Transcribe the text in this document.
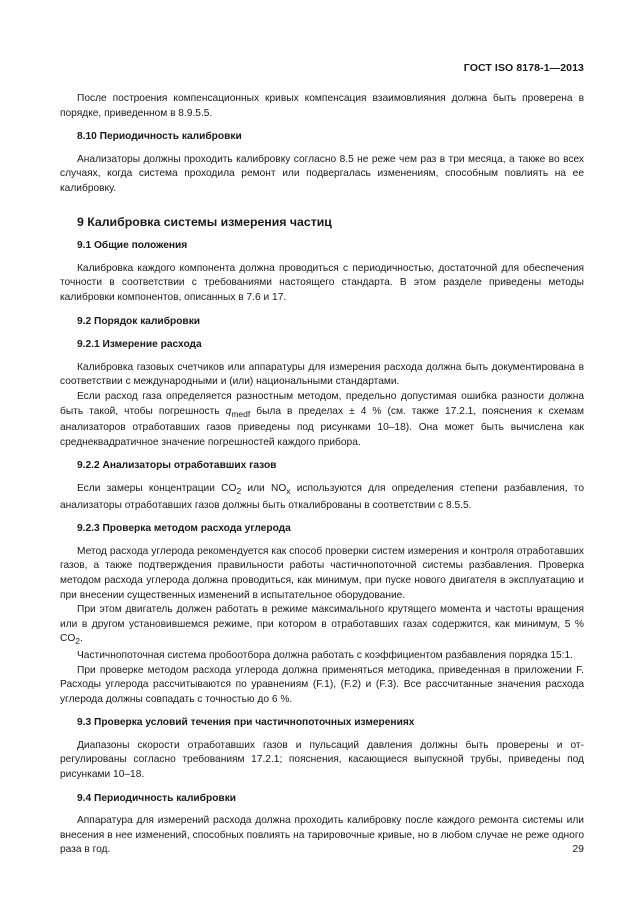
ГОСТ ISO 8178-1—2013

После построения компенсационных кривых компенсация взаимовлияния должна быть проверена в порядке, приведенном в 8.9.5.5.

8.10 Периодичность калибровки

Анализаторы должны проходить калибровку согласно 8.5 не реже чем раз в три месяца, а также во всех случаях, когда система проходила ремонт или подвергалась изменениям, способным повлиять на ее калибровку.

9 Калибровка системы измерения частиц
9.1 Общие положения

Калибровка каждого компонента должна проводиться с периодичностью, достаточной для обеспечения точности в соответствии с требованиями настоящего стандарта. В этом разделе приведены методы калибровки компонентов, описанных в 7.6 и 17.

9.2 Порядок калибровки
9.2.1 Измерение расхода

Калибровка газовых счетчиков или аппаратуры для измерения расхода должна быть документирована в соответствии с международными и (или) национальными стандартами.

Если расход газа определяется разностным методом, предельно допустимая ошибка разности должна быть такой, чтобы погрешность $q_{medf}$ была в пределах ± 4 % (см. также 17.2.1, пояснения к схемам анализаторов отработавших газов приведены под рисунками 10–18). Она может быть вычислена как среднеквадратичное значение погрешностей каждого прибора.

9.2.2 Анализаторы отработавших газов

Если замеры концентрации $CO_2$ или $NO_x$ используются для определения степени разбавления, то анализаторы отработавших газов должны быть откалиброваны в соответствии с 8.5.5.

9.2.3 Проверка методом расхода углерода

Метод расхода углерода рекомендуется как способ проверки систем измерения и контроля отработавших газов, а также подтверждения правильности работы частичнопоточной системы разбавления. Проверка методом расхода углерода должна проводиться, как минимум, при пуске нового двигателя в эксплуатацию и при внесении существенных изменений в испытательное оборудование.

При этом двигатель должен работать в режиме максимального крутящего момента и частоты вращения или в другом установившемся режиме, при котором в отработавших газах содержится, как минимум, 5 % $CO_2$.

Частичнопоточная система пробоотбора должна работать с коэффициентом разбавления порядка 15:1.

При проверке методом расхода углерода должна применяться методика, приведенная в приложении F. Расходы углерода рассчитываются по уравнениям (F.1), (F.2) и (F.3). Все рассчитанные значения расхода углерода должны совпадать с точностью до 6 %.

9.3 Проверка условий течения при частичнопоточных измерениях

Диапазоны скорости отработавших газов и пульсаций давления должны быть проверены и отрегулированы согласно требованиям 17.2.1; пояснения, касающиеся выпускной трубы, приведены под рисунками 10–18.

9.4 Периодичность калибровки

Аппаратура для измерений расхода должна проходить калибровку после каждого ремонта системы или внесения в нее изменений, способных повлиять на тарировочные кривые, но в любом случае не реже одного раза в год.	29
